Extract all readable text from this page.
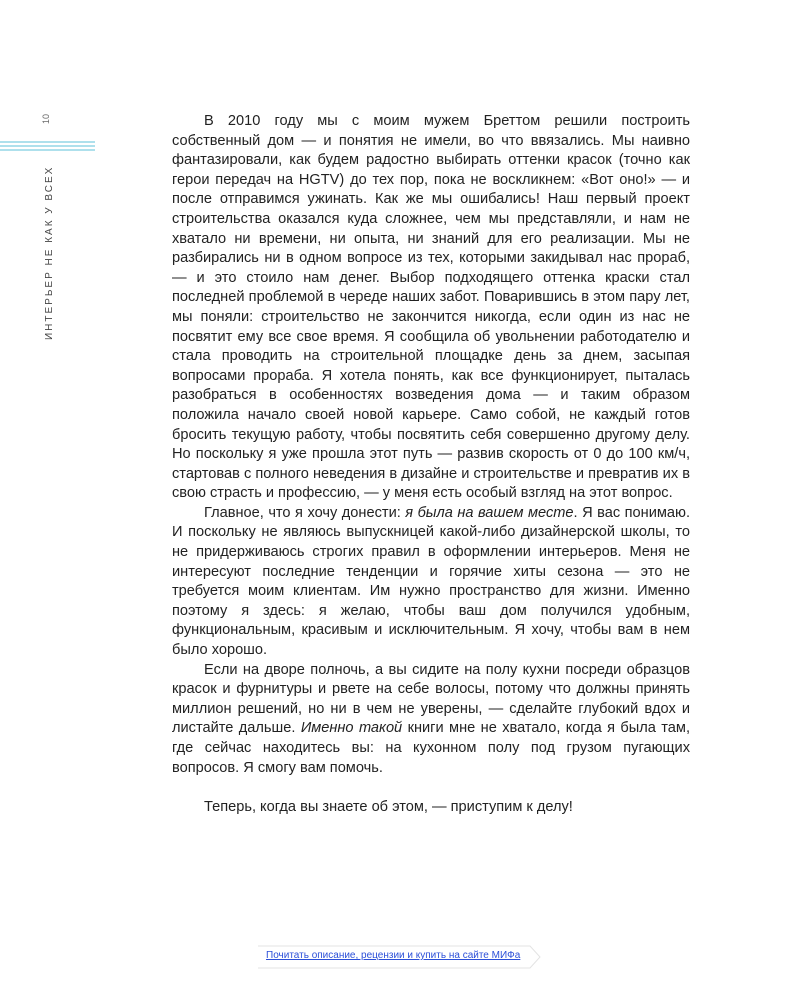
10
ИНТЕРЬЕР НЕ КАК У ВСЕХ

В 2010 году мы с моим мужем Бреттом решили построить собственный дом — и понятия не имели, во что ввязались. Мы наивно фантазировали, как будем радостно выбирать оттенки красок (точно как герои передач на HGTV) до тех пор, пока не воскликнем: «Вот оно!» — и после отправимся ужинать. Как же мы ошибались! Наш первый проект строительства оказался куда сложнее, чем мы представляли, и нам не хватало ни времени, ни опыта, ни знаний для его реализации. Мы не разбирались ни в одном вопросе из тех, которыми закидывал нас прораб, — и это стоило нам денег. Выбор подходящего оттенка краски стал последней проблемой в череде наших забот. Поварившись в этом пару лет, мы поняли: строительство не закончится никогда, если один из нас не посвятит ему все свое время. Я сообщила об увольнении работодателю и стала проводить на строительной площадке день за днем, засыпая вопросами прораба. Я хотела понять, как все функционирует, пыталась разобраться в особенностях возведения дома — и таким образом положила начало своей новой карьере. Само собой, не каждый готов бросить текущую работу, чтобы посвятить себя совершенно другому делу. Но поскольку я уже прошла этот путь — развив скорость от 0 до 100 км/ч, стартовав с полного неведения в дизайне и строительстве и превратив их в свою страсть и профессию, — у меня есть особый взгляд на этот вопрос.

Главное, что я хочу донести: я была на вашем месте. Я вас понимаю. И поскольку не являюсь выпускницей какой-либо дизайнерской школы, то не придерживаюсь строгих правил в оформлении интерьеров. Меня не интересуют последние тенденции и горячие хиты сезона — это не требуется моим клиентам. Им нужно пространство для жизни. Именно поэтому я здесь: я желаю, чтобы ваш дом получился удобным, функциональным, красивым и исключительным. Я хочу, чтобы вам в нем было хорошо.

Если на дворе полночь, а вы сидите на полу кухни посреди образцов красок и фурнитуры и рвете на себе волосы, потому что должны принять миллион решений, но ни в чем не уверены, — сделайте глубокий вдох и листайте дальше. Именно такой книги мне не хватало, когда я была там, где сейчас находитесь вы: на кухонном полу под грузом пугающих вопросов. Я смогу вам помочь.

Теперь, когда вы знаете об этом, — приступим к делу!

Почитать описание, рецензии и купить на сайте МИФа
